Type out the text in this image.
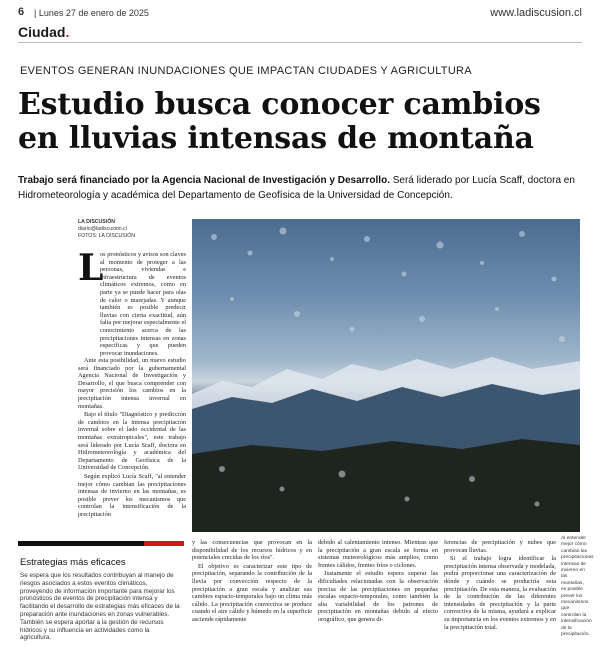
6 | Lunes 27 de enero de 2025	www.ladiscusion.cl
Ciudad.
EVENTOS GENERAN INUNDACIONES QUE IMPACTAN CIUDADES Y AGRICULTURA
Estudio busca conocer cambios en lluvias intensas de montaña
Trabajo será financiado por la Agencia Nacional de Investigación y Desarrollo. Será liderado por Lucía Scaff, doctora en Hidrometeorología y académica del Departamento de Geofísica de la Universidad de Concepción.
LA DISCUSIÓN
diario@ladiscusion.cl
FOTOS: LA DISCUSIÓN
L

os pronósticos y avisos son claves al momento de proteger a las personas, viviendas e infraestructura de eventos climáticos extremos, como en parte ya se puede hacer para olas de calor o marejadas. Y aunque también es posible predecir lluvias con cierta exactitud, aún falta por mejorar especialmente el conocimiento acerca de las precipitaciones intensas en zonas específicas y que pueden provocar inundaciones.

Ante esta posibilidad, un nuevo estudio será financiado por la gubernamental Agencia Nacional de Investigación y Desarrollo, el que busca comprender con mayor precisión los cambios en la precipitación intensa invernal en montañas.

Bajo el título "Diagnóstico y predicción de cambios en la intensa precipitación invernal sobre el lado occidental de las montañas extratropicales", este trabajo será liderado por Lucía Scaff, doctora en Hidrometeorología y académica del Departamento de Geofísica de la Universidad de Concepción.

Según explicó Lucía Scaff, "al entender mejor cómo cambian las precipitaciones intensas de invierno en las montañas, es posible prever los mecanismos que controlan la intensificación de la precipitación

Estrategias más eficaces
Se espera que los resultados contribuyan al manejo de riesgos asociados a estos eventos climáticos, proveyendo de información importante para mejorar los pronósticos de eventos de precipitación intensa y facilitando el desarrollo de estrategias más eficaces de la preparación ante inundaciones en zonas vulnerables. También se espera aportar a la gestión de recursos hídricos y su influencia en actividades como la agricultura.

y las consecuencias que provocan en la disponibilidad de los recursos hídricos y en potenciales crecidas de los ríos".

El objetivo es caracterizar este tipo de precipitación, separando la contribución de la lluvia por convección respecto de la precipitación a gran escala y analizar sus cambios espacio-temporales bajo un clima más cálido. La precipitación convectiva se produce cuando el aire cálido y húmedo en la superficie asciende rápidamente

debido al calentamiento intenso. Mientras que la precipitación a gran escala se forma en sistemas meteorológicos más amplios, como frentes cálidos, frentes fríos o ciclones.

Justamente el estudio espera superar las dificultades relacionadas con la observación precisa de las precipitaciones en pequeñas escalas espacio-temporales, como también la alta variabilidad de los patrones de precipitación en montañas debido al efecto orográfico, que genera di-

ferencias de precipitación y nubes que provocan lluvias.

Si el trabajo logra identificar la precipitación intensa observada y modelada, podrá proporcionar una caracterización de dónde y cuándo se produciría esta precipitación. De esta manera, la evaluación de la contribución de las diferentes intensidades de precipitación y la parte convectiva de la misma, ayudará a explicar su importancia en los eventos extremos y en la precipitación total.

Al entender mejor cómo cambian las precipitaciones intensas de invierno en las montañas, es posible prever los mecanismos que controlan la intensificación de la precipitación.
